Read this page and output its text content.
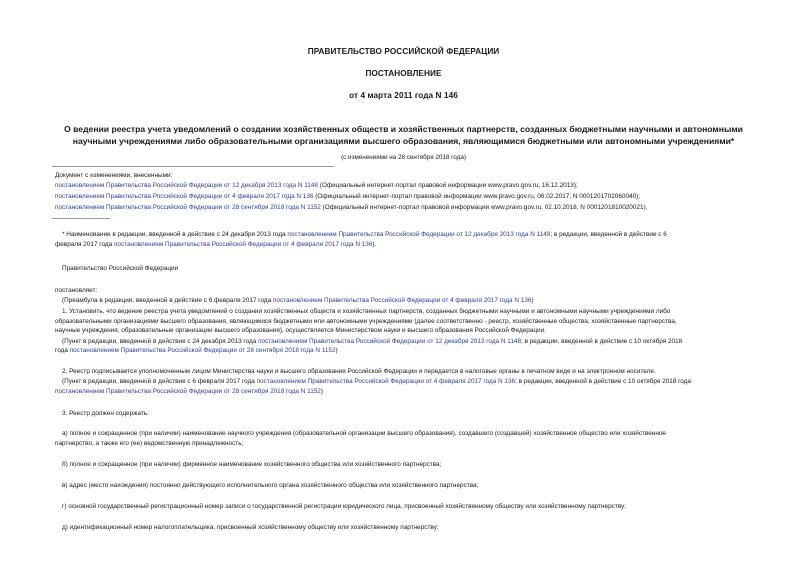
ПРАВИТЕЛЬСТВО РОССИЙСКОЙ ФЕДЕРАЦИИ
ПОСТАНОВЛЕНИЕ
от 4 марта 2011 года N 146
О ведении реестра учета уведомлений о создании хозяйственных обществ и хозяйственных партнерств, созданных бюджетными научными и автономными
научными учреждениями либо образовательными организациями высшего образования, являющимися бюджетными или автономными учреждениями*
(с изменениями на 28 сентября 2018 года)
Документ с изменениями, внесенными:
постановлением Правительства Российской Федерации от 12 декабря 2013 года N 1148 (Официальный интернет-портал правовой информации www.pravo.gov.ru, 16.12.2013);
постановлением Правительства Российской Федерации от 4 февраля 2017 года N 136 (Официальный интернет-портал правовой информации www.pravo.gov.ru, 06.02.2017, N 0001201702060040);
постановлением Правительства Российской Федерации от 28 сентября 2018 года N 1152 (Официальный интернет-портал правовой информации www.pravo.gov.ru, 02.10.2018, N 0001201810020021).
* Наименование в редакции, введенной в действие с 24 декабря 2013 года постановлением Правительства Российской Федерации от 12 декабря 2013 года N 1148; в редакции, введенной в действие с 6
февраля 2017 года постановлением Правительства Российской Федерации от 4 февраля 2017 года N 136).
Правительство Российской Федерации
постановляет:
(Преамбула в редакции, введенной в действие с 6 февраля 2017 года постановлением Правительства Российской Федерации от 4 февраля 2017 года N 136)
1. Установить, что ведение реестра учета уведомлений о создании хозяйственных обществ и хозяйственных партнерств, созданных бюджетными научными и автономными научными учреждениями либо
образовательными организациями высшего образования, являющимися бюджетными или автономными учреждениями (далее соответственно - реестр, хозяйственные общества, хозяйственные партнерства,
научные учреждения, образовательные организации высшего образования), осуществляется Министерством науки и высшего образования Российской Федерации.
(Пункт в редакции, введенной в действие с 24 декабря 2013 года постановлением Правительства Российской Федерации от 12 декабря 2013 года N 1148; в редакции, введенной в действие с 10 октября 2018
года постановлением Правительства Российской Федерации от 28 сентября 2018 года N 1152)
2. Реестр подписывается уполномоченным лицом Министерства науки и высшего образования Российской Федерации и передается в налоговые органы в печатном виде и на электронном носителе.
(Пункт в редакции, введенной в действие с 6 февраля 2017 года постановлением Правительства Российской Федерации от 4 февраля 2017 года N 136; в редакции, введенной в действие с 10 октября 2018 года
постановлением Правительства Российской Федерации от 28 сентября 2018 года N 1152)
3. Реестр должен содержать:
а) полное и сокращенное (при наличии) наименование научного учреждения (образовательной организации высшего образования), создавшего (создавшей) хозяйственное общество или хозяйственное
партнерство, а также его (ее) ведомственную принадлежность;
б) полное и сокращенное (при наличии) фирменное наименование хозяйственного общества или хозяйственного партнерства;
в) адрес (место нахождения) постоянно действующего исполнительного органа хозяйственного общества или хозяйственного партнерства;
г) основной государственный регистрационный номер записи о государственной регистрации юридического лица, присвоенный хозяйственному обществу или хозяйственному партнерству;
д) идентификационный номер налогоплательщика, присвоенный хозяйственному обществу или хозяйственному партнерству;
